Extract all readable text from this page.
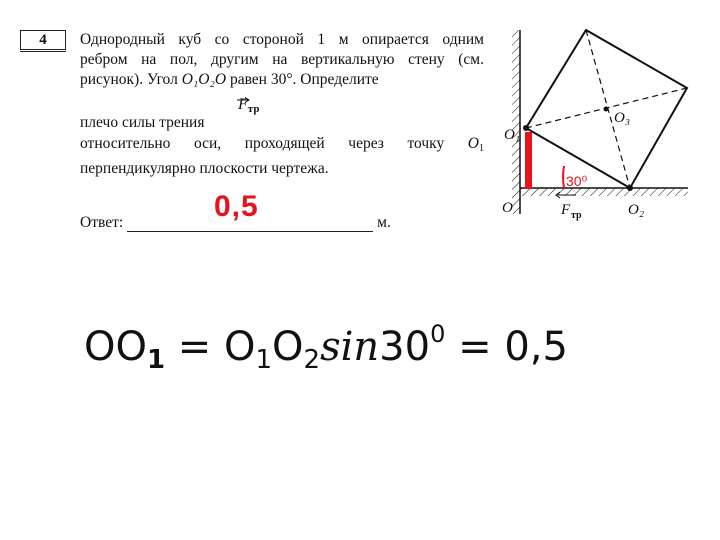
4	Однородный куб со стороной 1 м опирается одним
ребром на пол, другим на вертикальную стену (см.
рисунок). Угол O₁O₂O равен 30°. Определите
плечо силы трения
$F_{тр}$
относительно оси, проходящей через точку $O_1$
перпендикулярно плоскости чертежа.
0,5
Ответ:	м.
O₁
O₂
O₃
O
30⁰
F тр
$OO_1 = O_1O_2\sin 30^0 = 0,5$
